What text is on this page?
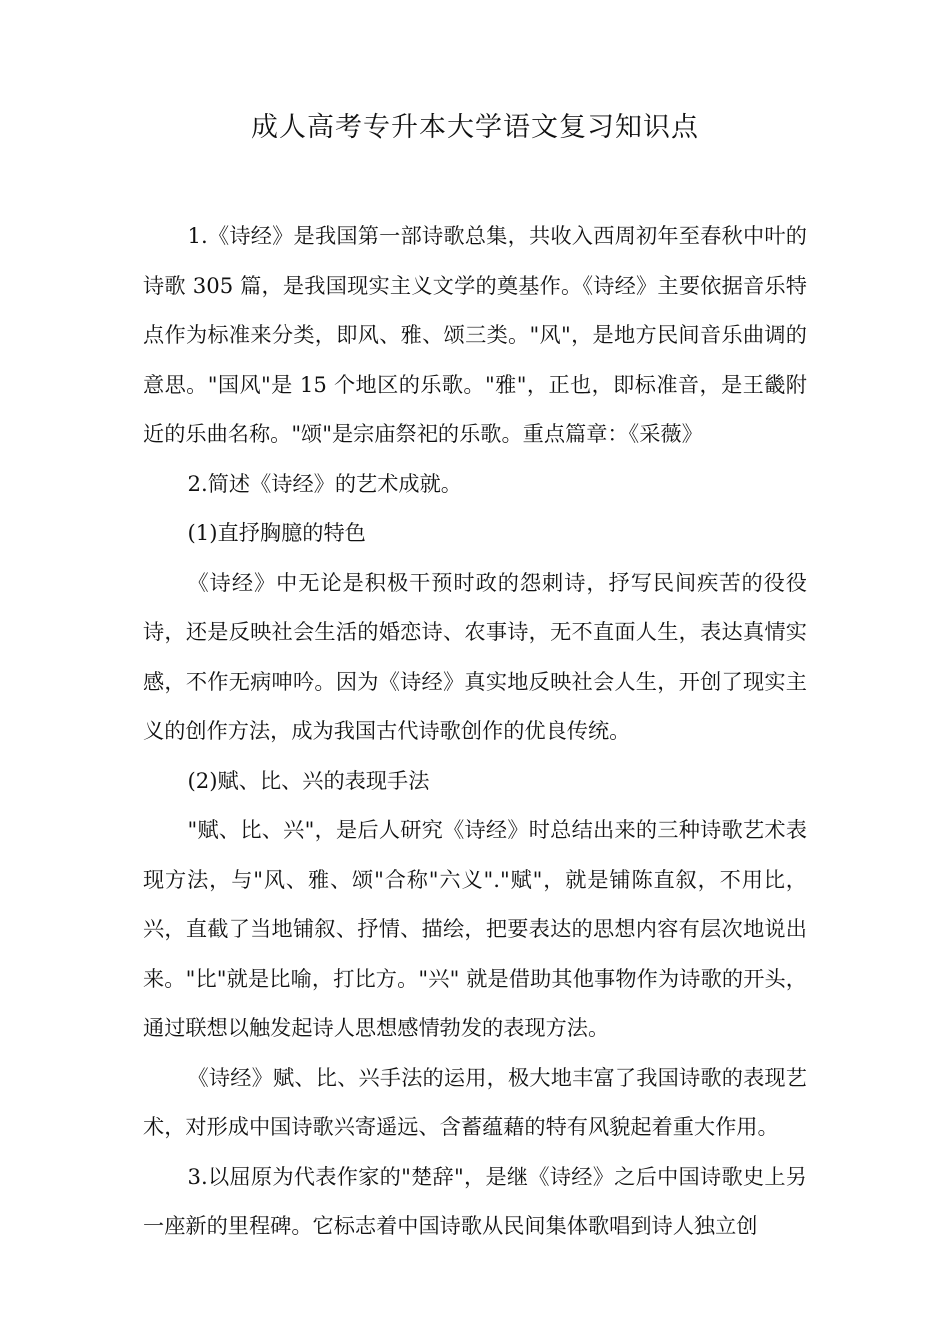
成人高考专升本大学语文复习知识点

1.《诗经》是我国第一部诗歌总集，共收入西周初年至春秋中叶的诗歌 305 篇，是我国现实主义文学的奠基作。《诗经》主要依据音乐特点作为标准来分类，即风、雅、颂三类。"风"，是地方民间音乐曲调的意思。"国风"是 15 个地区的乐歌。"雅"，正也，即标准音，是王畿附近的乐曲名称。"颂"是宗庙祭祀的乐歌。重点篇章：《采薇》

2.简述《诗经》的艺术成就。

(1)直抒胸臆的特色

《诗经》中无论是积极干预时政的怨刺诗，抒写民间疾苦的役役诗，还是反映社会生活的婚恋诗、农事诗，无不直面人生，表达真情实感，不作无病呻吟。因为《诗经》真实地反映社会人生，开创了现实主义的创作方法，成为我国古代诗歌创作的优良传统。

(2)赋、比、兴的表现手法

"赋、比、兴"，是后人研究《诗经》时总结出来的三种诗歌艺术表现方法，与"风、雅、颂"合称"六义"."赋"，就是铺陈直叙，不用比，兴，直截了当地铺叙、抒情、描绘，把要表达的思想内容有层次地说出来。"比"就是比喻，打比方。"兴" 就是借助其他事物作为诗歌的开头，通过联想以触发起诗人思想感情勃发的表现方法。

《诗经》赋、比、兴手法的运用，极大地丰富了我国诗歌的表现艺术，对形成中国诗歌兴寄遥远、含蓄蕴藉的特有风貌起着重大作用。

3.以屈原为代表作家的"楚辞"，是继《诗经》之后中国诗歌史上另一座新的里程碑。它标志着中国诗歌从民间集体歌唱到诗人独立创
